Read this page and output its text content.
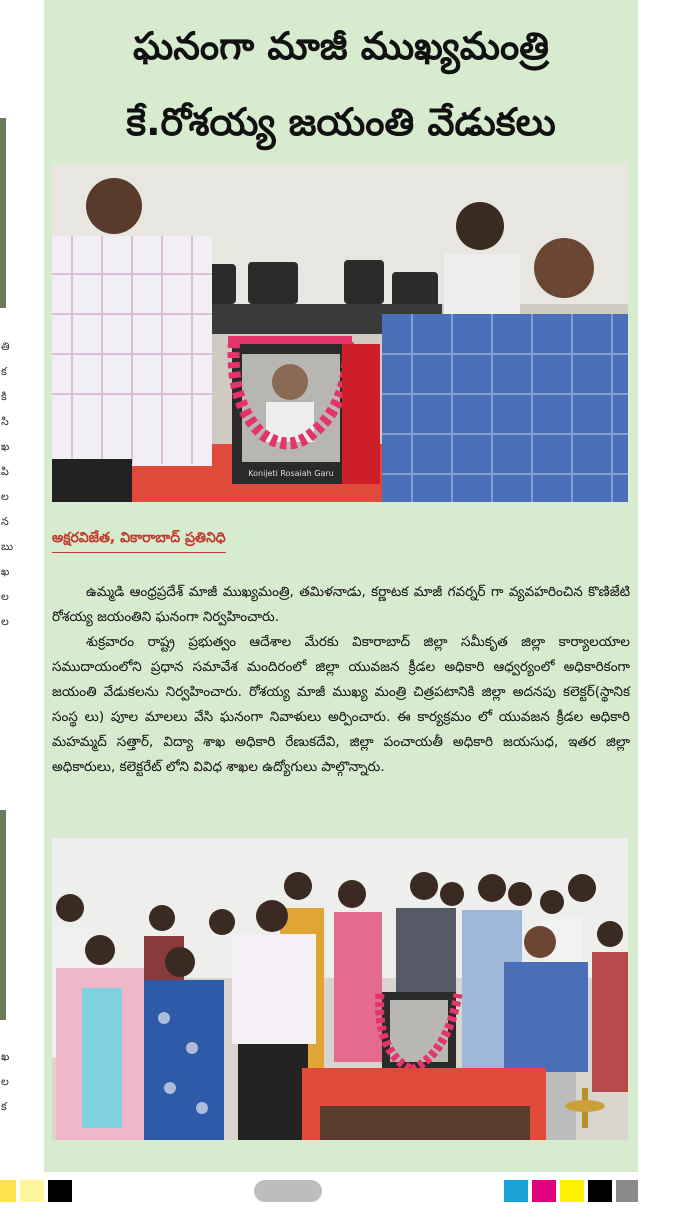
తి
క
కి
సి
ఖ
పి
ల
న
బు
ఖ
ల
ల
ఖ
ల
క
ఘనంగా మాజీ ముఖ్యమంత్రి
కే.రోశయ్య జయంతి వేడుకలు
Konijeti Rosaiah Garu
అక్షరవిజేత, వికారాబాద్ ప్రతినిధి

ఉమ్మడి ఆంధ్రప్రదేశ్ మాజీ ముఖ్యమంత్రి, తమిళనాడు, కర్ణాటక మాజీ గవర్నర్ గా వ్యవహరించిన కొణిజేటి రోశయ్య జయంతిని ఘనంగా నిర్వహించారు.

శుక్రవారం రాష్ట్ర ప్రభుత్వం ఆదేశాల మేరకు వికారాబాద్ జిల్లా సమీకృత జిల్లా కార్యాలయాల సముదాయంలోని ప్రధాన సమావేశ మందిరంలో జిల్లా యువజన క్రీడల అధికారి ఆధ్వర్యంలో అధికారికంగా జయంతి వేడుకలను నిర్వహించారు. రోశయ్య మాజీ ముఖ్య మంత్రి చిత్రపటానికి జిల్లా అదనపు కలెక్టర్(స్థానిక సంస్థ లు) పూల మాలలు వేసి ఘనంగా నివాళులు అర్పించారు. ఈ కార్యక్రమం లో యువజన క్రీడల అధికారి మహమ్మద్ సత్తార్, విద్యా శాఖ అధికారి రేణుకదేవి, జిల్లా పంచాయతీ అధికారి జయసుధ, ఇతర జిల్లా అధికారులు, కలెక్టరేట్ లోని వివిధ శాఖల ఉద్యోగులు పాల్గొన్నారు.
